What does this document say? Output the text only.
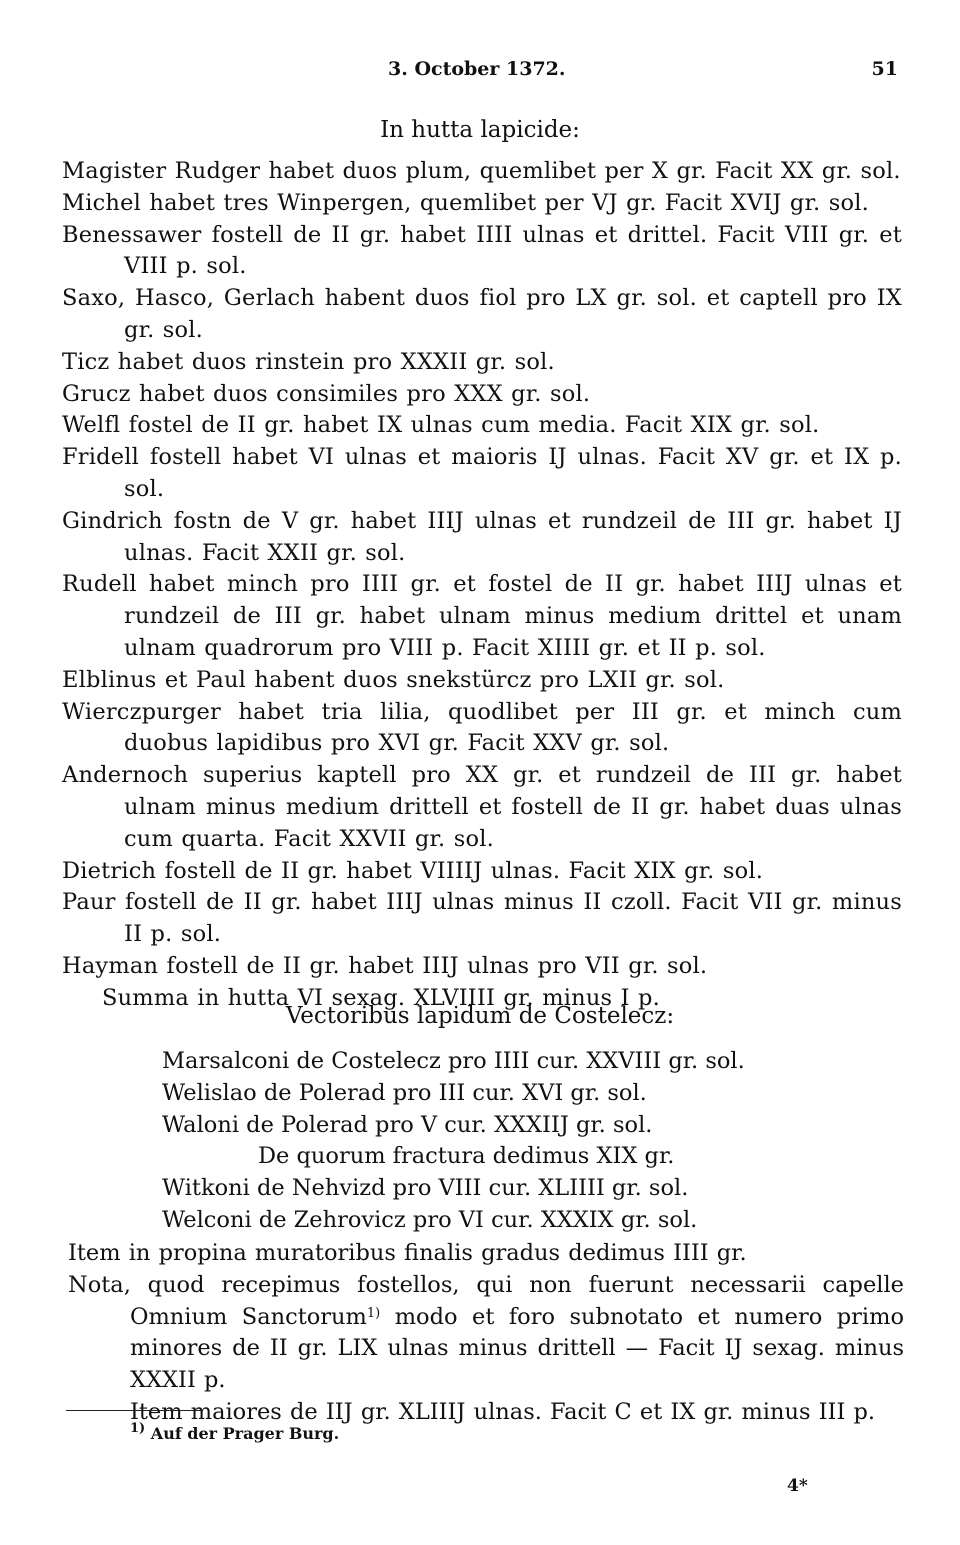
3. October 1372.	51
In hutta lapicide:
Magister Rudger habet duos plum, quemlibet per X gr. Facit XX gr. sol.
Michel habet tres Winpergen, quemlibet per VJ gr. Facit XVIJ gr. sol.
Benessawer fostell de II gr. habet IIII ulnas et drittel. Facit VIII gr. et VIII p. sol.
Saxo, Hasco, Gerlach habent duos fiol pro LX gr. sol. et captell pro IX gr. sol.
Ticz habet duos rinstein pro XXXII gr. sol.
Grucz habet duos consimiles pro XXX gr. sol.
Welfl fostel de II gr. habet IX ulnas cum media. Facit XIX gr. sol.
Fridell fostell habet VI ulnas et maioris IJ ulnas. Facit XV gr. et IX p. sol.
Gindrich fostn de V gr. habet IIIJ ulnas et rundzeil de III gr. habet IJ ulnas. Facit XXII gr. sol.
Rudell habet minch pro IIII gr. et fostel de II gr. habet IIIJ ulnas et rundzeil de III gr. habet ulnam minus medium drittel et unam ulnam quadrorum pro VIII p. Facit XIIII gr. et II p. sol.
Elblinus et Paul habent duos snekstürcz pro LXII gr. sol.
Wierczpurger habet tria lilia, quodlibet per III gr. et minch cum duobus lapidibus pro XVI gr. Facit XXV gr. sol.
Andernoch superius kaptell pro XX gr. et rundzeil de III gr. habet ulnam minus medium drittell et fostell de II gr. habet duas ulnas cum quarta. Facit XXVII gr. sol.
Dietrich fostell de II gr. habet VIIIIJ ulnas. Facit XIX gr. sol.
Paur fostell de II gr. habet IIIJ ulnas minus II czoll. Facit VII gr. minus II p. sol.
Hayman fostell de II gr. habet IIIJ ulnas pro VII gr. sol.
Summa in hutta VI sexag. XLVIIII gr. minus I p.
Vectoribus lapidum de Costelecz:
Marsalconi de Costelecz pro IIII cur. XXVIII gr. sol.
Welislao de Polerad pro III cur. XVI gr. sol.
Waloni de Polerad pro V cur. XXXIIJ gr. sol.
De quorum fractura dedimus XIX gr.
Witkoni de Nehvizd pro VIII cur. XLIIII gr. sol.
Welconi de Zehrovicz pro VI cur. XXXIX gr. sol.
Item in propina muratoribus finalis gradus dedimus IIII gr.
Nota, quod recepimus fostellos, qui non fuerunt necessarii capelle Omnium Sanctorum$^{1)}$ modo et foro subnotato et numero primo minores de II gr. LIX ulnas minus drittell — Facit IJ sexag. minus XXXII p.
Item maiores de IIJ gr. XLIIIJ ulnas. Facit C et IX gr. minus III p.
$^{1)}$ Auf der Prager Burg.
4*
